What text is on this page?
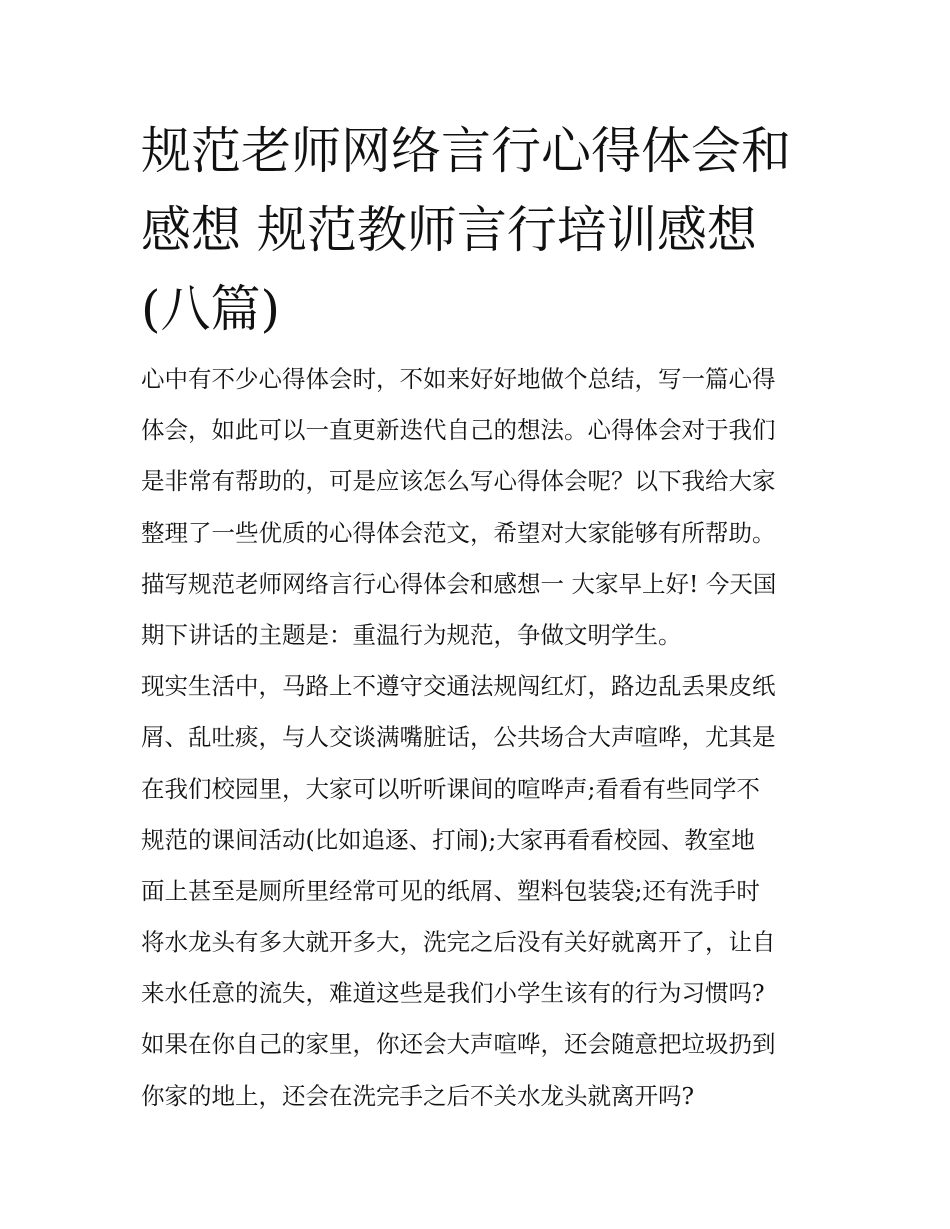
规范老师网络言行心得体会和
感想 规范教师言行培训感想
(八篇)
心中有不少心得体会时，不如来好好地做个总结，写一篇心得
体会，如此可以一直更新迭代自己的想法。心得体会对于我们
是非常有帮助的，可是应该怎么写心得体会呢？以下我给大家
整理了一些优质的心得体会范文，希望对大家能够有所帮助。
描写规范老师网络言行心得体会和感想一 大家早上好! 今天国
期下讲话的主题是：重温行为规范，争做文明学生。
现实生活中，马路上不遵守交通法规闯红灯，路边乱丢果皮纸
屑、乱吐痰，与人交谈满嘴脏话，公共场合大声喧哗，尤其是
在我们校园里，大家可以听听课间的喧哗声;看看有些同学不
规范的课间活动(比如追逐、打闹);大家再看看校园、教室地
面上甚至是厕所里经常可见的纸屑、塑料包装袋;还有洗手时
将水龙头有多大就开多大，洗完之后没有关好就离开了，让自
来水任意的流失，难道这些是我们小学生该有的行为习惯吗?
如果在你自己的家里，你还会大声喧哗，还会随意把垃圾扔到
你家的地上，还会在洗完手之后不关水龙头就离开吗?
